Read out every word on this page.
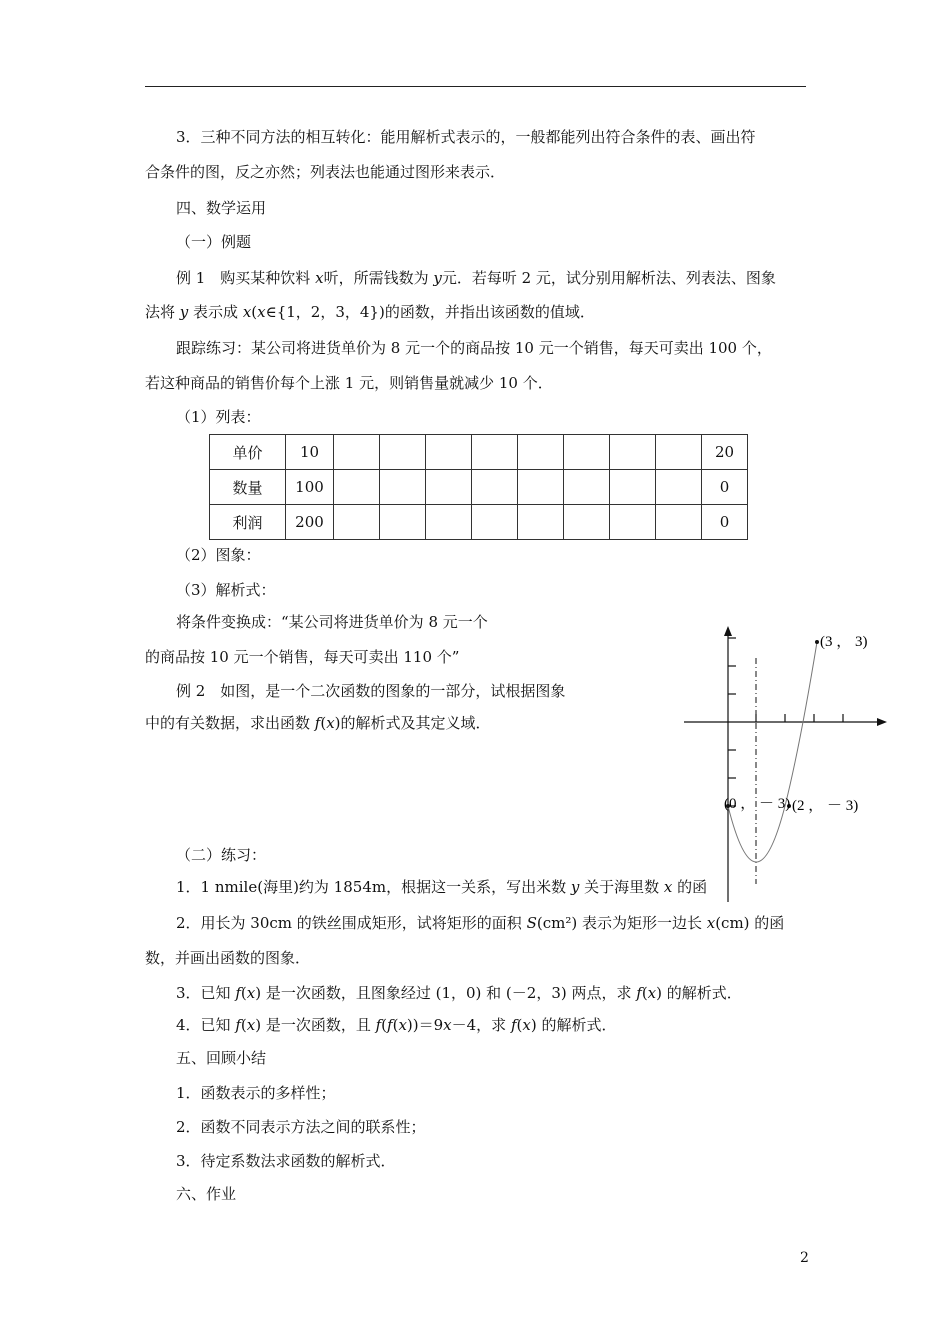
3．三种不同方法的相互转化：能用解析式表示的，一般都能列出符合条件的表、画出符
合条件的图，反之亦然；列表法也能通过图形来表示．
四、数学运用
（一）例题
例 1　购买某种饮料 x听，所需钱数为 y元．若每听 2 元，试分别用解析法、列表法、图象
法将 y 表示成 x(x∈{1，2，3，4})的函数，并指出该函数的值域．
跟踪练习：某公司将进货单价为 8 元一个的商品按 10 元一个销售，每天可卖出 100 个，
若这种商品的销售价每个上涨 1 元，则销售量就减少 10 个．
（1）列表：
单价	10									20
数量	100									0
利润	200									0
（2）图象：
（3）解析式：
将条件变换成：“某公司将进货单价为 8 元一个
的商品按 10 元一个销售，每天可卖出 110 个”
例 2　如图，是一个二次函数的图象的一部分，试根据图象
中的有关数据，求出函数 f(x)的解析式及其定义域．
(3 ， 3)
(0 ， － 3) (2 ， － 3)
（二）练习：
1．1 nmile(海里)约为 1854m，根据这一关系，写出米数 y 关于海里数 x 的函
2．用长为 30cm 的铁丝围成矩形，试将矩形的面积 S(cm²) 表示为矩形一边长 x(cm) 的函
数，并画出函数的图象．
3．已知 f(x) 是一次函数，且图象经过 (1，0) 和 (－2，3) 两点，求 f(x) 的解析式．
4．已知 f(x) 是一次函数，且 f(f(x))＝9x－4，求 f(x) 的解析式．
五、回顾小结
1．函数表示的多样性；
2．函数不同表示方法之间的联系性；
3．待定系数法求函数的解析式．
六、作业
2
